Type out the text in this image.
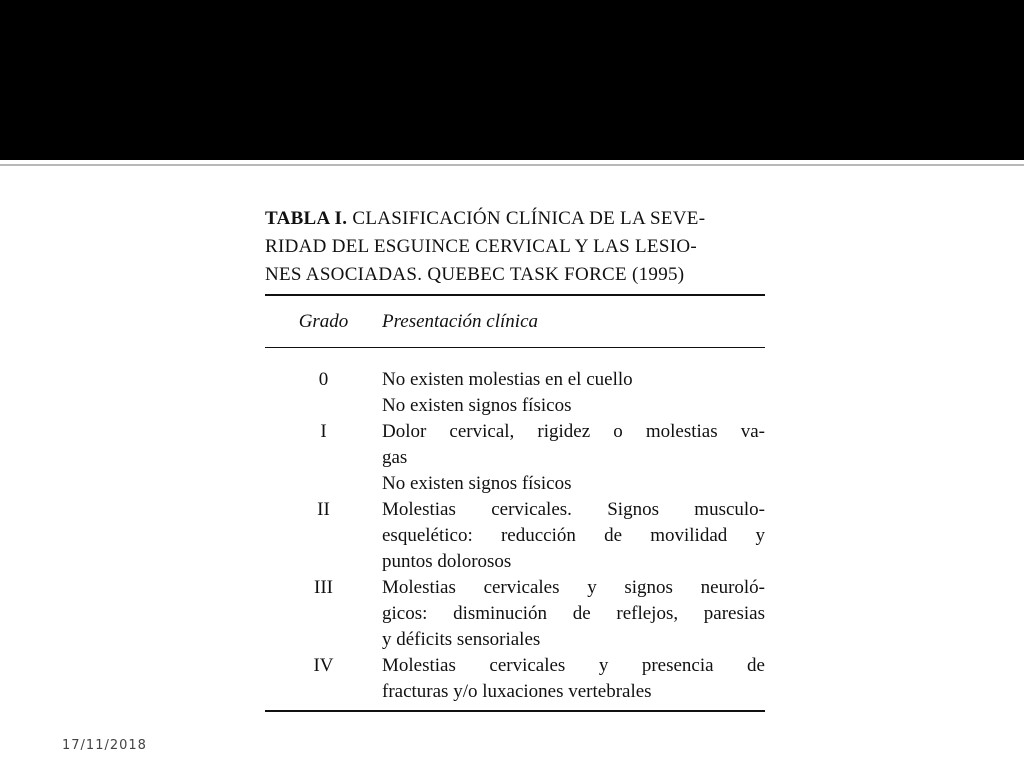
TABLA I. CLASIFICACIÓN CLÍNICA DE LA SEVE-
RIDAD DEL ESGUINCE CERVICAL Y LAS LESIO-
NES ASOCIADAS. QUEBEC TASK FORCE (1995)
Grado	Presentación clínica
0	No existen molestias en el cuello
No existen signos físicos
I	Dolor cervical, rigidez o molestias va-
gas
No existen signos físicos
II	Molestias cervicales. Signos musculo-
esquelético: reducción de movilidad y
puntos dolorosos
III	Molestias cervicales y signos neuroló-
gicos: disminución de reflejos, paresias
y déficits sensoriales
IV	Molestias cervicales y presencia de
fracturas y/o luxaciones vertebrales
17/11/2018
